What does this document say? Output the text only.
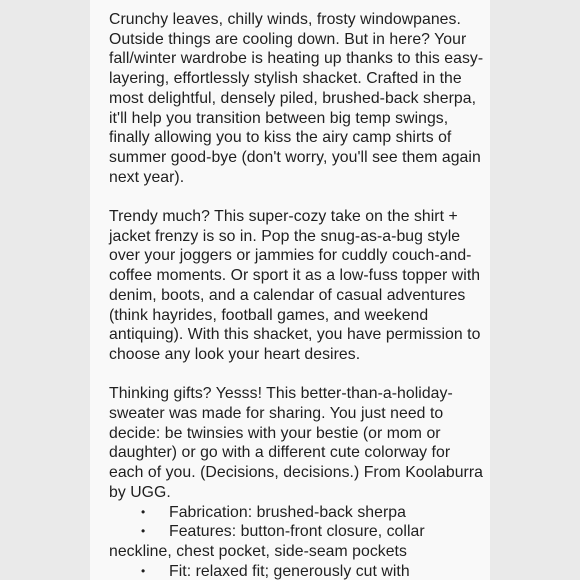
Crunchy leaves, chilly winds, frosty windowpanes. Outside things are cooling down. But in here? Your fall/winter wardrobe is heating up thanks to this easy-layering, effortlessly stylish shacket. Crafted in the most delightful, densely piled, brushed-back sherpa, it'll help you transition between big temp swings, finally allowing you to kiss the airy camp shirts of summer good-bye (don't worry, you'll see them again next year).

Trendy much? This super-cozy take on the shirt + jacket frenzy is so in. Pop the snug-as-a-bug style over your joggers or jammies for cuddly couch-and-coffee moments. Or sport it as a low-fuss topper with denim, boots, and a calendar of casual adventures (think hayrides, football games, and weekend antiquing). With this shacket, you have permission to choose any look your heart desires.

Thinking gifts? Yesss! This better-than-a-holiday-sweater was made for sharing. You just need to decide: be twinsies with your bestie (or mom or daughter) or go with a different cute colorway for each of you. (Decisions, decisions.) From Koolaburra by UGG.

• Fabrication: brushed-back sherpa
• Features: button-front closure, collar neckline, chest pocket, side-seam pockets
• Fit: relaxed fit; generously cut with
